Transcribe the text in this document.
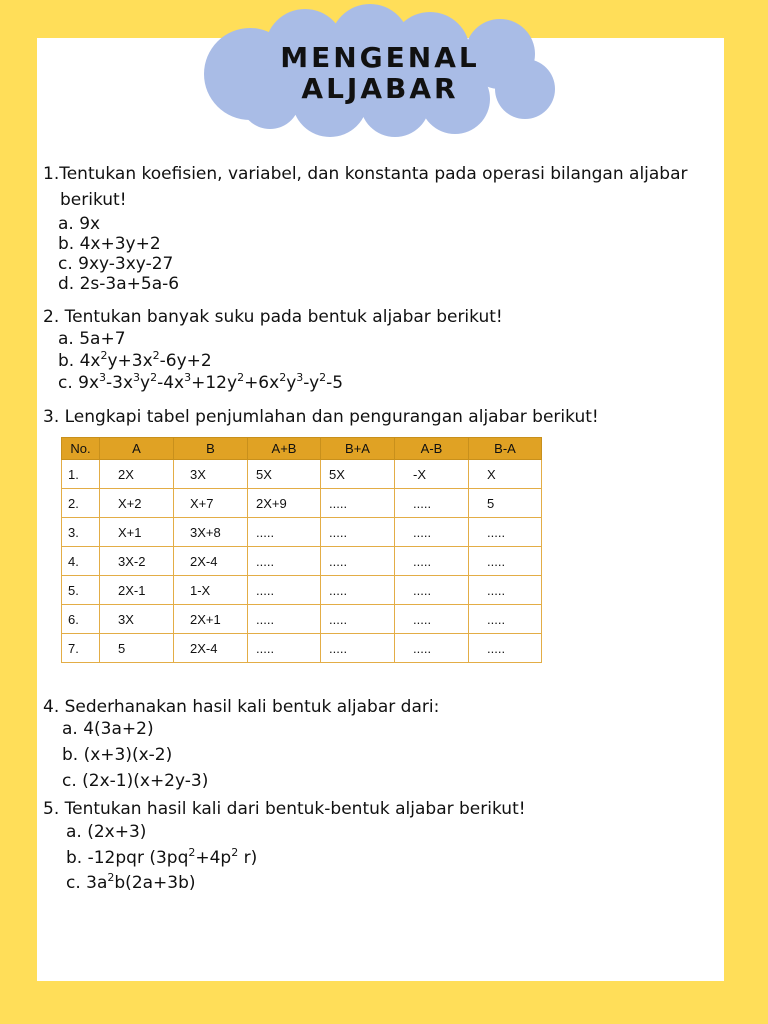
MENGENAL
ALJABAR
1.Tentukan koefisien, variabel, dan konstanta pada operasi bilangan aljabar
berikut!
a. 9x
b. 4x+3y+2
c. 9xy-3xy-27
d. 2s-3a+5a-6
2. Tentukan banyak suku pada bentuk aljabar berikut!
a. 5a+7
b. $4x^2y+3x^2-6y+2$
c. $9x^3-3x^3y^2-4x^3+12y^2+6x^2y^3-y^2-5$
3. Lengkapi tabel penjumlahan dan pengurangan aljabar berikut!
No.	A	B	A+B	B+A	A-B	B-A
1.	2X	3X	5X	5X	-X	X
2.	X+2	X+7	2X+9	.....	.....	5
3.	X+1	3X+8	.....	.....	.....	.....
4.	3X-2	2X-4	.....	.....	.....	.....
5.	2X-1	1-X	.....	.....	.....	.....
6.	3X	2X+1	.....	.....	.....	.....
7.	5	2X-4	.....	.....	.....	.....
4. Sederhanakan hasil kali bentuk aljabar dari:
a. 4(3a+2)
b. (x+3)(x-2)
c. (2x-1)(x+2y-3)
5. Tentukan hasil kali dari bentuk-bentuk aljabar berikut!
a. (2x+3)
b. -12pqr ($3pq^2+4p^2$ r)
c. $3a^2b(2a+3b)$
